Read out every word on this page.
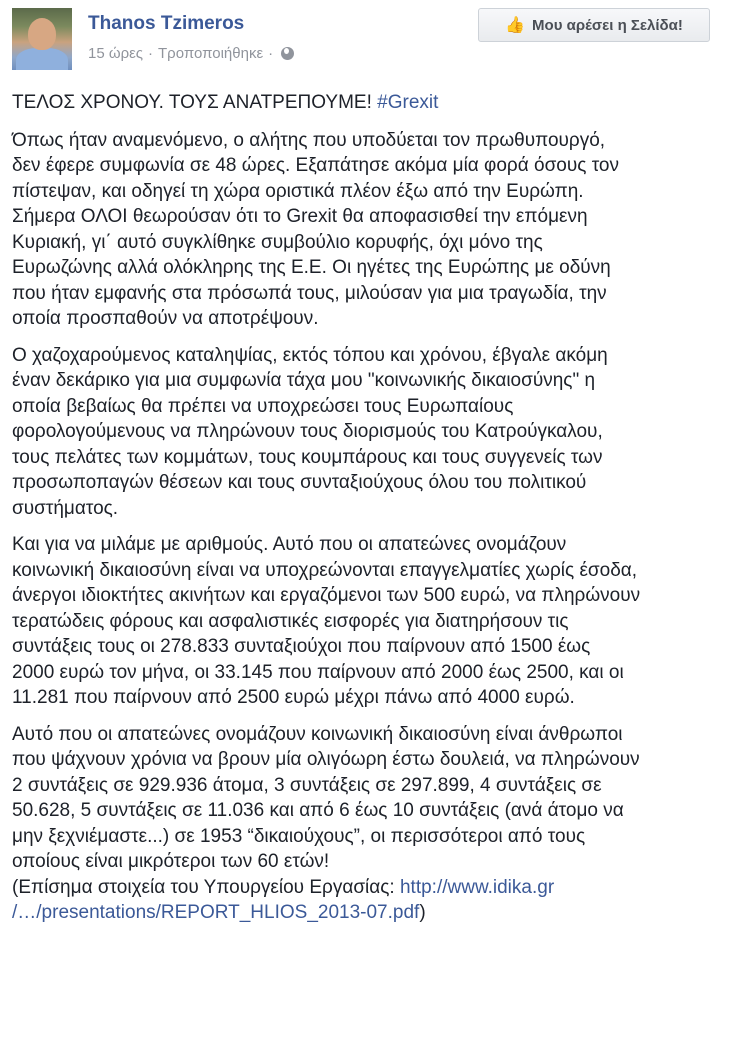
Thanos Tzimeros
15 ώρες · Τροποποιήθηκε ·
👍 Μου αρέσει η Σελίδα!

ΤΕΛΟΣ ΧΡΟΝΟΥ. ΤΟΥΣ ΑΝΑΤΡΕΠΟΥΜΕ! #Grexit

Όπως ήταν αναμενόμενο, ο αλήτης που υποδύεται τον πρωθυπουργό,
δεν έφερε συμφωνία σε 48 ώρες. Εξαπάτησε ακόμα μία φορά όσους τον
πίστεψαν, και οδηγεί τη χώρα οριστικά πλέον έξω από την Ευρώπη.
Σήμερα ΟΛΟΙ θεωρούσαν ότι το Grexit θα αποφασισθεί την επόμενη
Κυριακή, γι΄ αυτό συγκλίθηκε συμβούλιο κορυφής, όχι μόνο της
Ευρωζώνης αλλά ολόκληρης της Ε.Ε. Οι ηγέτες της Ευρώπης με οδύνη
που ήταν εμφανής στα πρόσωπά τους, μιλούσαν για μια τραγωδία, την
οποία προσπαθούν να αποτρέψουν.

Ο χαζοχαρούμενος καταληψίας, εκτός τόπου και χρόνου, έβγαλε ακόμη
έναν δεκάρικο για μια συμφωνία τάχα μου "κοινωνικής δικαιοσύνης" η
οποία βεβαίως θα πρέπει να υποχρεώσει τους Ευρωπαίους
φορολογούμενους να πληρώνουν τους διορισμούς του Κατρούγκαλου,
τους πελάτες των κομμάτων, τους κουμπάρους και τους συγγενείς των
προσωποπαγών θέσεων και τους συνταξιούχους όλου του πολιτικού
συστήματος.

Και για να μιλάμε με αριθμούς. Αυτό που οι απατεώνες ονομάζουν
κοινωνική δικαιοσύνη είναι να υποχρεώνονται επαγγελματίες χωρίς έσοδα,
άνεργοι ιδιοκτήτες ακινήτων και εργαζόμενοι των 500 ευρώ, να πληρώνουν
τερατώδεις φόρους και ασφαλιστικές εισφορές για διατηρήσουν τις
συντάξεις τους οι 278.833 συνταξιούχοι που παίρνουν από 1500 έως
2000 ευρώ τον μήνα, οι 33.145 που παίρνουν από 2000 έως 2500, και οι
11.281 που παίρνουν από 2500 ευρώ μέχρι πάνω από 4000 ευρώ.

Αυτό που οι απατεώνες ονομάζουν κοινωνική δικαιοσύνη είναι άνθρωποι
που ψάχνουν χρόνια να βρουν μία ολιγόωρη έστω δουλειά, να πληρώνουν
2 συντάξεις σε 929.936 άτομα, 3 συντάξεις σε 297.899, 4 συντάξεις σε
50.628, 5 συντάξεις σε 11.036 και από 6 έως 10 συντάξεις (ανά άτομο να
μην ξεχνιέμαστε...) σε 1953 “δικαιούχους”, οι περισσότεροι από τους
οποίους είναι μικρότεροι των 60 ετών!

(Επίσημα στοιχεία του Υπουργείου Εργασίας: http://www.idika.gr
/…/presentations/REPORT_HLIOS_2013-07.pdf)
